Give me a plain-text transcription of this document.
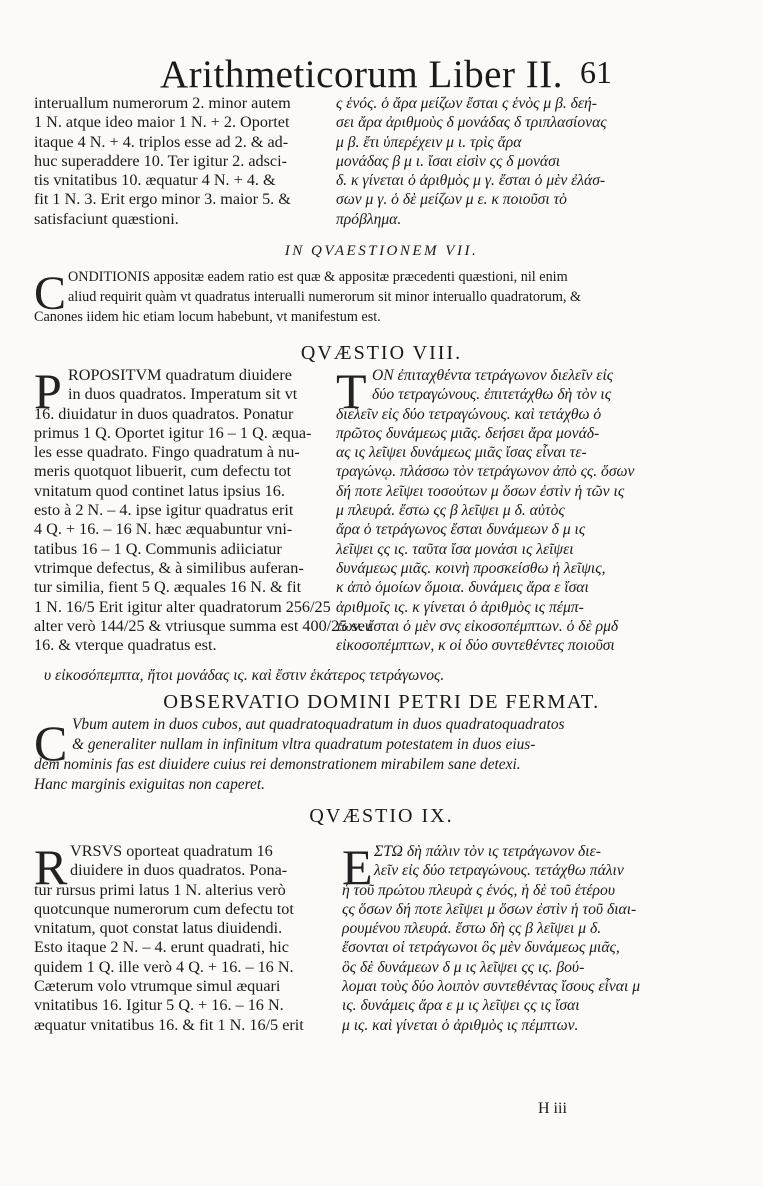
Arithmeticorum Liber II. 61
interuallum numerorum 2. minor autem
1 N. atque ideo maior 1 N. + 2. Oportet
itaque 4 N. + 4. triplos esse ad 2. & ad-
huc superaddere 10. Ter igitur 2. adsci-
tis vnitatibus 10. æquatur 4 N. + 4. &
fit 1 N. 3. Erit ergo minor 3. maior 5. &
satisfaciunt quæstioni.
ς ἑνός. ὁ ἄρα μείζων ἔσται ς ἑνὸς μ β. δεή-
σει ἄρα ἀριθμοὺς δ μονάδας δ τριπλασίονας
μ β. ἔτι ὑπερέχειν μ ι. τρὶς ἄρα
μονάδας β μ ι. ἴσαι εἰσὶν ςς δ μονάσι
δ. κ γίνεται ὁ ἀριθμὸς μ γ. ἔσται ὁ μὲν ἐλάσ-
σων μ γ. ὁ δὲ μείζων μ ε. κ ποιοῦσι τὸ
πρόβλημα.
IN QVAESTIONEM VII.
C ONDITIONIS appositæ eadem ratio est quæ & appositæ præcedenti quæstioni, nil enim
aliud requirit quàm vt quadratus interualli numerorum sit minor interuallo quadratorum, &
Canones iidem hic etiam locum habebunt, vt manifestum est.
QVÆSTIO VIII.
P ROPOSITVM quadratum diuidere
in duos quadratos. Imperatum sit vt
16. diuidatur in duos quadratos. Ponatur
primus 1 Q. Oportet igitur 16 – 1 Q. æqua-
les esse quadrato. Fingo quadratum à nu-
meris quotquot libuerit, cum defectu tot
vnitatum quod continet latus ipsius 16.
esto à 2 N. – 4. ipse igitur quadratus erit
4 Q. + 16. – 16 N. hæc æquabuntur vni-
tatibus 16 – 1 Q. Communis adiiciatur
vtrimque defectus, & à similibus auferan-
tur similia, fient 5 Q. æquales 16 N. & fit
1 N. 16/5 Erit igitur alter quadratorum 256/25
alter verò 144/25 & vtriusque summa est 400/25 seu
16. & vterque quadratus est.
T ΟΝ ἐπιταχθέντα τετράγωνον διελεῖν εἰς
δύο τετραγώνους. ἐπιτετάχθω δὴ τὸν ις
διελεῖν εἰς δύο τετραγώνους. καὶ τετάχθω ὁ
πρῶτος δυνάμεως μιᾶς. δεήσει ἄρα μονάδ-
ας ις λεῖψει δυνάμεως μιᾶς ἴσας εἶναι τε-
τραγώνῳ. πλάσσω τὸν τετράγωνον ἀπὸ ςς. ὅσων
δή ποτε λεῖψει τοσούτων μ ὅσων ἐστὶν ἡ τῶν ις
μ πλευρά. ἔστω ςς β λεῖψει μ δ. αὐτὸς
ἄρα ὁ τετράγωνος ἔσται δυνάμεων δ μ ις
λεῖψει ςς ις. ταῦτα ἴσα μονάσι ις λεῖψει
δυνάμεως μιᾶς. κοινὴ προσκείσθω ἡ λεῖψις,
κ ἀπὸ ὁμοίων ὅμοια. δυνάμεις ἄρα ε ἴσαι
ἀριθμοῖς ις. κ γίνεται ὁ ἀριθμὸς ις πέμπ-
των. ἔσται ὁ μὲν σνς εἰκοσοπέμπτων. ὁ δὲ ρμδ
εἰκοσοπέμπτων, κ οἱ δύο συντεθέντες ποιοῦσι
υ εἰκοσόπεμπτα, ἤτοι μονάδας ις. καὶ ἔστιν ἑκάτερος τετράγωνος.
OBSERVATIO DOMINI PETRI DE FERMAT.
C Vbum autem in duos cubos, aut quadratoquadratum in duos quadratoquadratos
& generaliter nullam in infinitum vltra quadratum potestatem in duos eius-
dem nominis fas est diuidere cuius rei demonstrationem mirabilem sane detexi.
Hanc marginis exiguitas non caperet.
QVÆSTIO IX.
R VRSVS oporteat quadratum 16
diuidere in duos quadratos. Pona-
tur rursus primi latus 1 N. alterius verò
quotcunque numerorum cum defectu tot
vnitatum, quot constat latus diuidendi.
Esto itaque 2 N. – 4. erunt quadrati, hic
quidem 1 Q. ille verò 4 Q. + 16. – 16 N.
Cæterum volo vtrumque simul æquari
vnitatibus 16. Igitur 5 Q. + 16. – 16 N.
æquatur vnitatibus 16. & fit 1 N. 16/5 erit
E ΣΤΩ δὴ πάλιν τὸν ις τετράγωνον διε-
λεῖν εἰς δύο τετραγώνους. τετάχθω πάλιν
ἡ τοῦ πρώτου πλευρὰ ς ἑνός, ἡ δὲ τοῦ ἑτέρου
ςς ὅσων δή ποτε λεῖψει μ ὅσων ἐστὶν ἡ τοῦ διαι-
ρουμένου πλευρά. ἔστω δὴ ςς β λεῖψει μ δ.
ἔσονται οἱ τετράγωνοι ὃς μὲν δυνάμεως μιᾶς,
ὃς δὲ δυνάμεων δ μ ις λεῖψει ςς ις. βού-
λομαι τοὺς δύο λοιπὸν συντεθέντας ἴσους εἶναι μ
ις. δυνάμεις ἄρα ε μ ις λεῖψει ςς ις ἴσαι
μ ις. καὶ γίνεται ὁ ἀριθμὸς ις πέμπτων.
H iii
